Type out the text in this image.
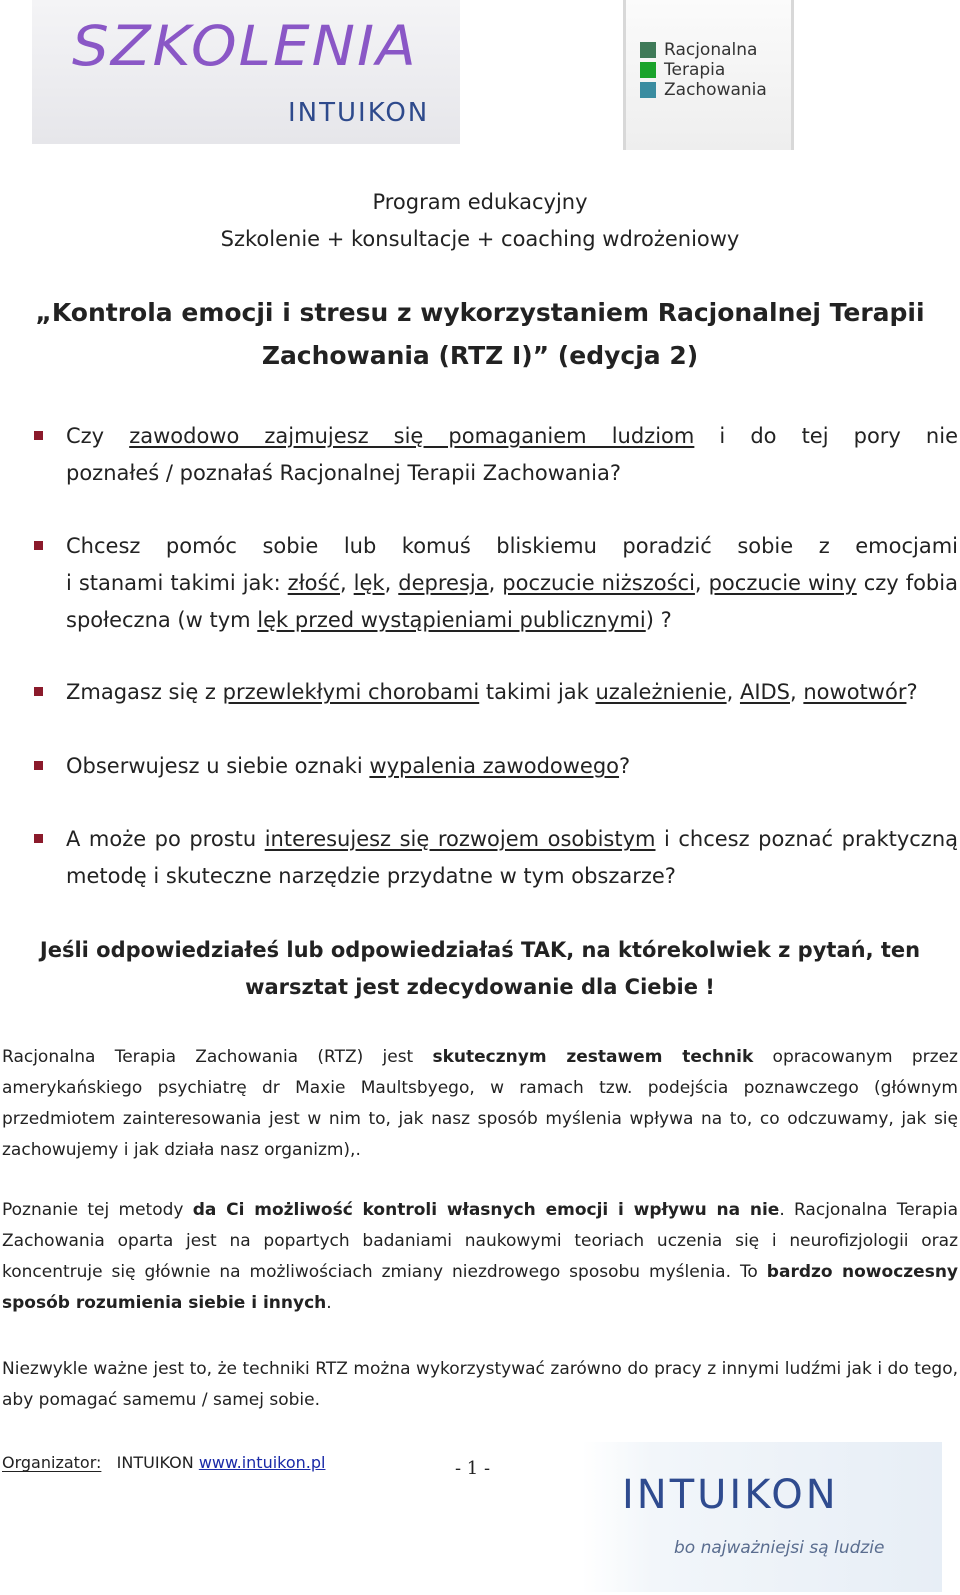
SZKOLENIA
INTUIKON
Racjonalna
Terapia
Zachowania
Program edukacyjny
Szkolenie + konsultacje + coaching wdrożeniowy
„Kontrola emocji i stresu z wykorzystaniem Racjonalnej Terapii
Zachowania (RTZ I)” (edycja 2)
Czy zawodowo zajmujesz się pomaganiem ludziom i do tej pory nie
poznałeś / poznałaś Racjonalnej Terapii Zachowania?
Chcesz pomóc sobie lub komuś bliskiemu poradzić sobie z emocjami
i stanami takimi jak: złość, lęk, depresja, poczucie niższości, poczucie winy czy fobia
społeczna (w tym lęk przed wystąpieniami publicznymi) ?
Zmagasz się z przewlekłymi chorobami takimi jak uzależnienie, AIDS, nowotwór?
Obserwujesz u siebie oznaki wypalenia zawodowego?
A może po prostu interesujesz się rozwojem osobistym i chcesz poznać praktyczną metodę i skuteczne narzędzie przydatne w tym obszarze?
Jeśli odpowiedziałeś lub odpowiedziałaś TAK, na którekolwiek z pytań, ten
warsztat jest zdecydowanie dla Ciebie !
Racjonalna Terapia Zachowania (RTZ) jest skutecznym zestawem technik opracowanym przez amerykańskiego psychiatrę dr Maxie Maultsbyego, w ramach tzw. podejścia poznawczego (głównym przedmiotem zainteresowania jest w nim to, jak nasz sposób myślenia wpływa na to, co odczuwamy, jak się zachowujemy i jak działa nasz organizm),.
Poznanie tej metody da Ci możliwość kontroli własnych emocji i wpływu na nie. Racjonalna Terapia Zachowania oparta jest na popartych badaniami naukowymi teoriach uczenia się i neurofizjologii oraz koncentruje się głównie na możliwościach zmiany niezdrowego sposobu myślenia. To bardzo nowoczesny sposób rozumienia siebie i innych.
Niezwykle ważne jest to, że techniki RTZ można wykorzystywać zarówno do pracy z innymi ludźmi jak i do tego, aby pomagać samemu / samej sobie.
Organizator: INTUIKON www.intuikon.pl	- 1 -
INTUIKON
bo najważniejsi są ludzie
